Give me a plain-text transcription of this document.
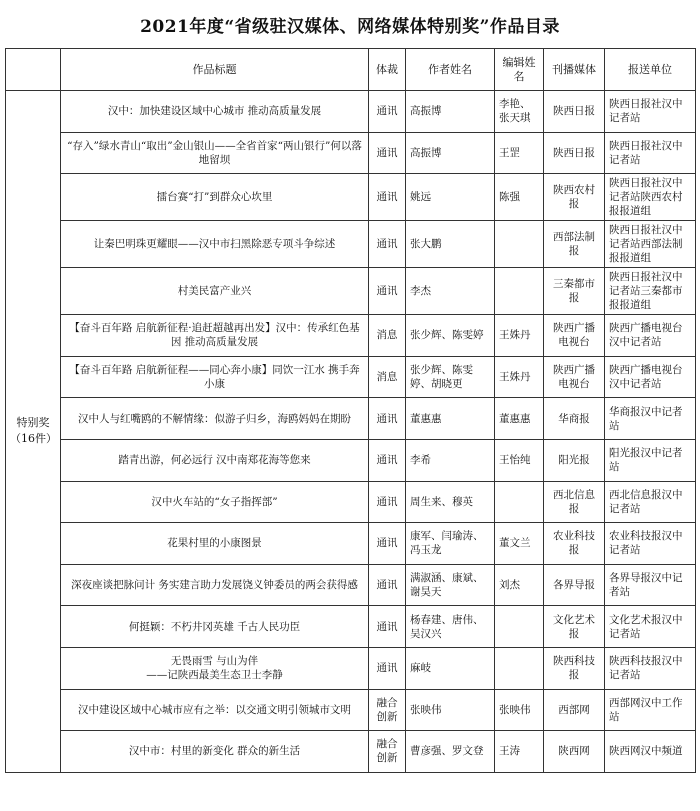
2021年度“省级驻汉媒体、网络媒体特别奖”作品目录
	作品标题	体裁	作者姓名	编辑姓名	刊播媒体	报送单位

特别奖
（16件）	汉中：加快建设区域中心城市 推动高质量发展	通讯	高振博	李艳、张天琪	陕西日报	陕西日报社汉中记者站

	“存入”绿水青山“取出”金山银山——全省首家“两山银行”何以落地留坝	通讯	高振博	王罡	陕西日报	陕西日报社汉中记者站

	擂台赛“打”到群众心坎里	通讯	姚远	陈强	陕西农村报	陕西日报社汉中记者站陕西农村报报道组

	让秦巴明珠更耀眼——汉中市扫黑除恶专项斗争综述	通讯	张大鹏		西部法制报	陕西日报社汉中记者站西部法制报报道组

	村美民富产业兴	通讯	李杰		三秦都市报	陕西日报社汉中记者站三秦都市报报道组

	【奋斗百年路 启航新征程·追赶超越再出发】汉中：传承红色基因 推动高质量发展	消息	张少辉、陈雯婷	王姝丹	陕西广播电视台	陕西广播电视台汉中记者站

	【奋斗百年路 启航新征程——同心奔小康】同饮一江水 携手奔小康	消息	张少辉、陈雯婷、胡晓更	王姝丹	陕西广播电视台	陕西广播电视台汉中记者站

	汉中人与红嘴鸥的不解情缘：似游子归乡，海鸥妈妈在期盼	通讯	董惠惠	董惠惠	华商报	华商报汉中记者站

	踏青出游，何必远行 汉中南郑花海等您来	通讯	李希	王怡纯	阳光报	阳光报汉中记者站

	汉中火车站的“女子指挥部”	通讯	周生来、穆英		西北信息报	西北信息报汉中记者站

	花果村里的小康图景	通讯	康军、闫瑜涛、冯玉龙	董文兰	农业科技报	农业科技报汉中记者站

	深夜座谈把脉问计 务实建言助力发展饶义钟委员的两会获得感	通讯	满淑涵、康斌、谢昊天	刘杰	各界导报	各界导报汉中记者站

	何挺颖：不朽井冈英雄 千古人民功臣	通讯	杨春建、唐伟、吴汉兴		文化艺术报	文化艺术报汉中记者站

	无畏雨雪 与山为伴
——记陕西最美生态卫士李静	通讯	麻岐		陕西科技报	陕西科技报汉中记者站

	汉中建设区域中心城市应有之举：以交通文明引领城市文明	融合
创新	张映伟	张映伟	西部网	西部网汉中工作站

	汉中市：村里的新变化 群众的新生活	融合
创新	曹彦强、罗文登	王涛	陕西网	陕西网汉中频道
